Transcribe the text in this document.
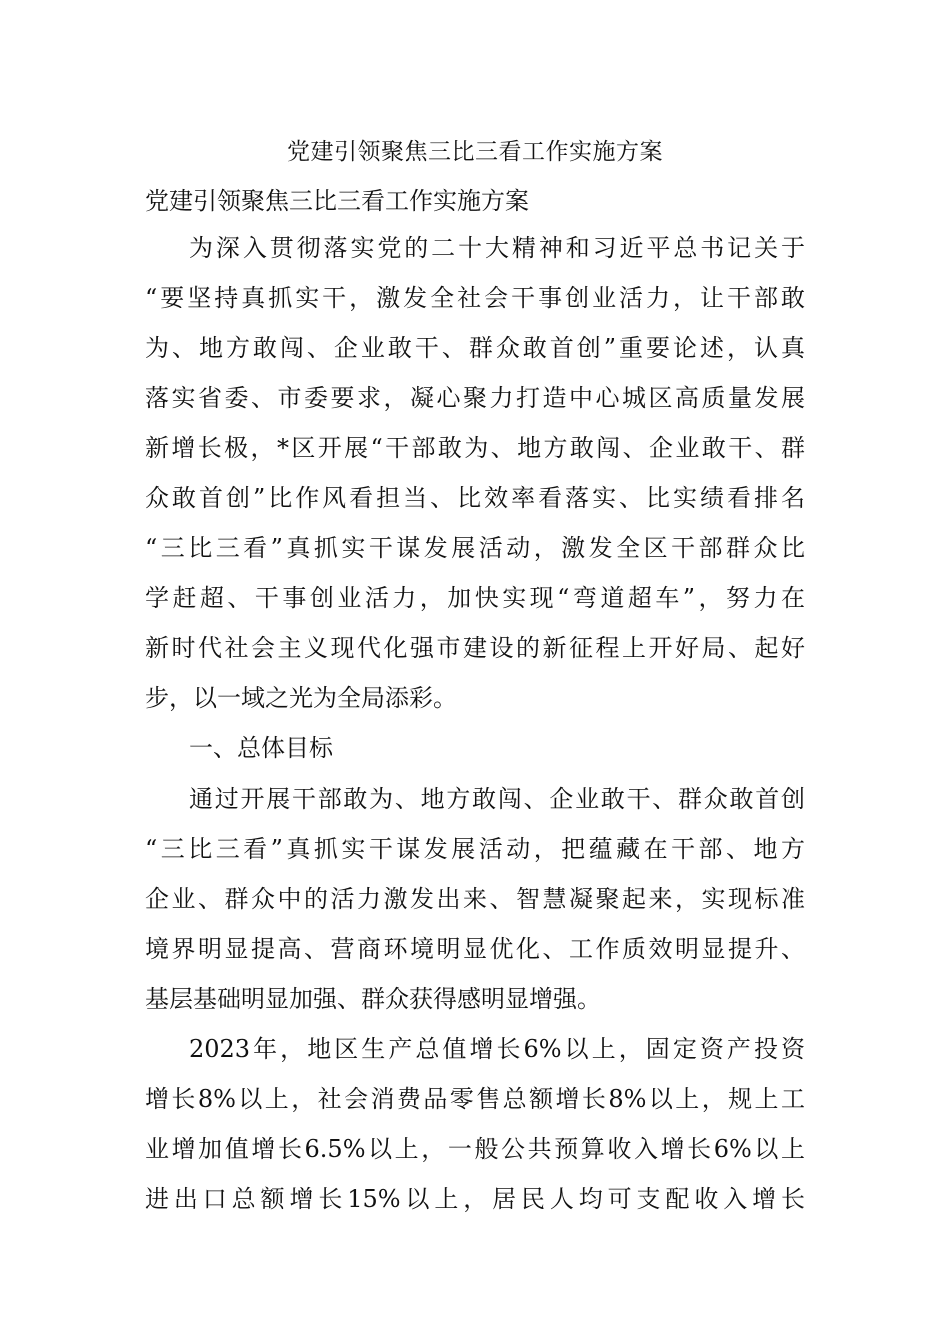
党建引领聚焦三比三看工作实施方案
党建引领聚焦三比三看工作实施方案
为深入贯彻落实党的二十大精神和习近平总书记关于
“要坚持真抓实干，激发全社会干事创业活力，让干部敢
为、地方敢闯、企业敢干、群众敢首创”重要论述，认真
落实省委、市委要求，凝心聚力打造中心城区高质量发展
新增长极，*区开展“干部敢为、地方敢闯、企业敢干、群
众敢首创”比作风看担当、比效率看落实、比实绩看排名
“三比三看”真抓实干谋发展活动，激发全区干部群众比
学赶超、干事创业活力，加快实现“弯道超车”，努力在
新时代社会主义现代化强市建设的新征程上开好局、起好
步，以一域之光为全局添彩。
一、总体目标
通过开展干部敢为、地方敢闯、企业敢干、群众敢首创
“三比三看”真抓实干谋发展活动，把蕴藏在干部、地方
企业、群众中的活力激发出来、智慧凝聚起来，实现标准
境界明显提高、营商环境明显优化、工作质效明显提升、
基层基础明显加强、群众获得感明显增强。
2023年，地区生产总值增长6%以上，固定资产投资
增长8%以上，社会消费品零售总额增长8%以上，规上工
业增加值增长6.5%以上，一般公共预算收入增长6%以上
进出口总额增长15%以上，居民人均可支配收入增长
